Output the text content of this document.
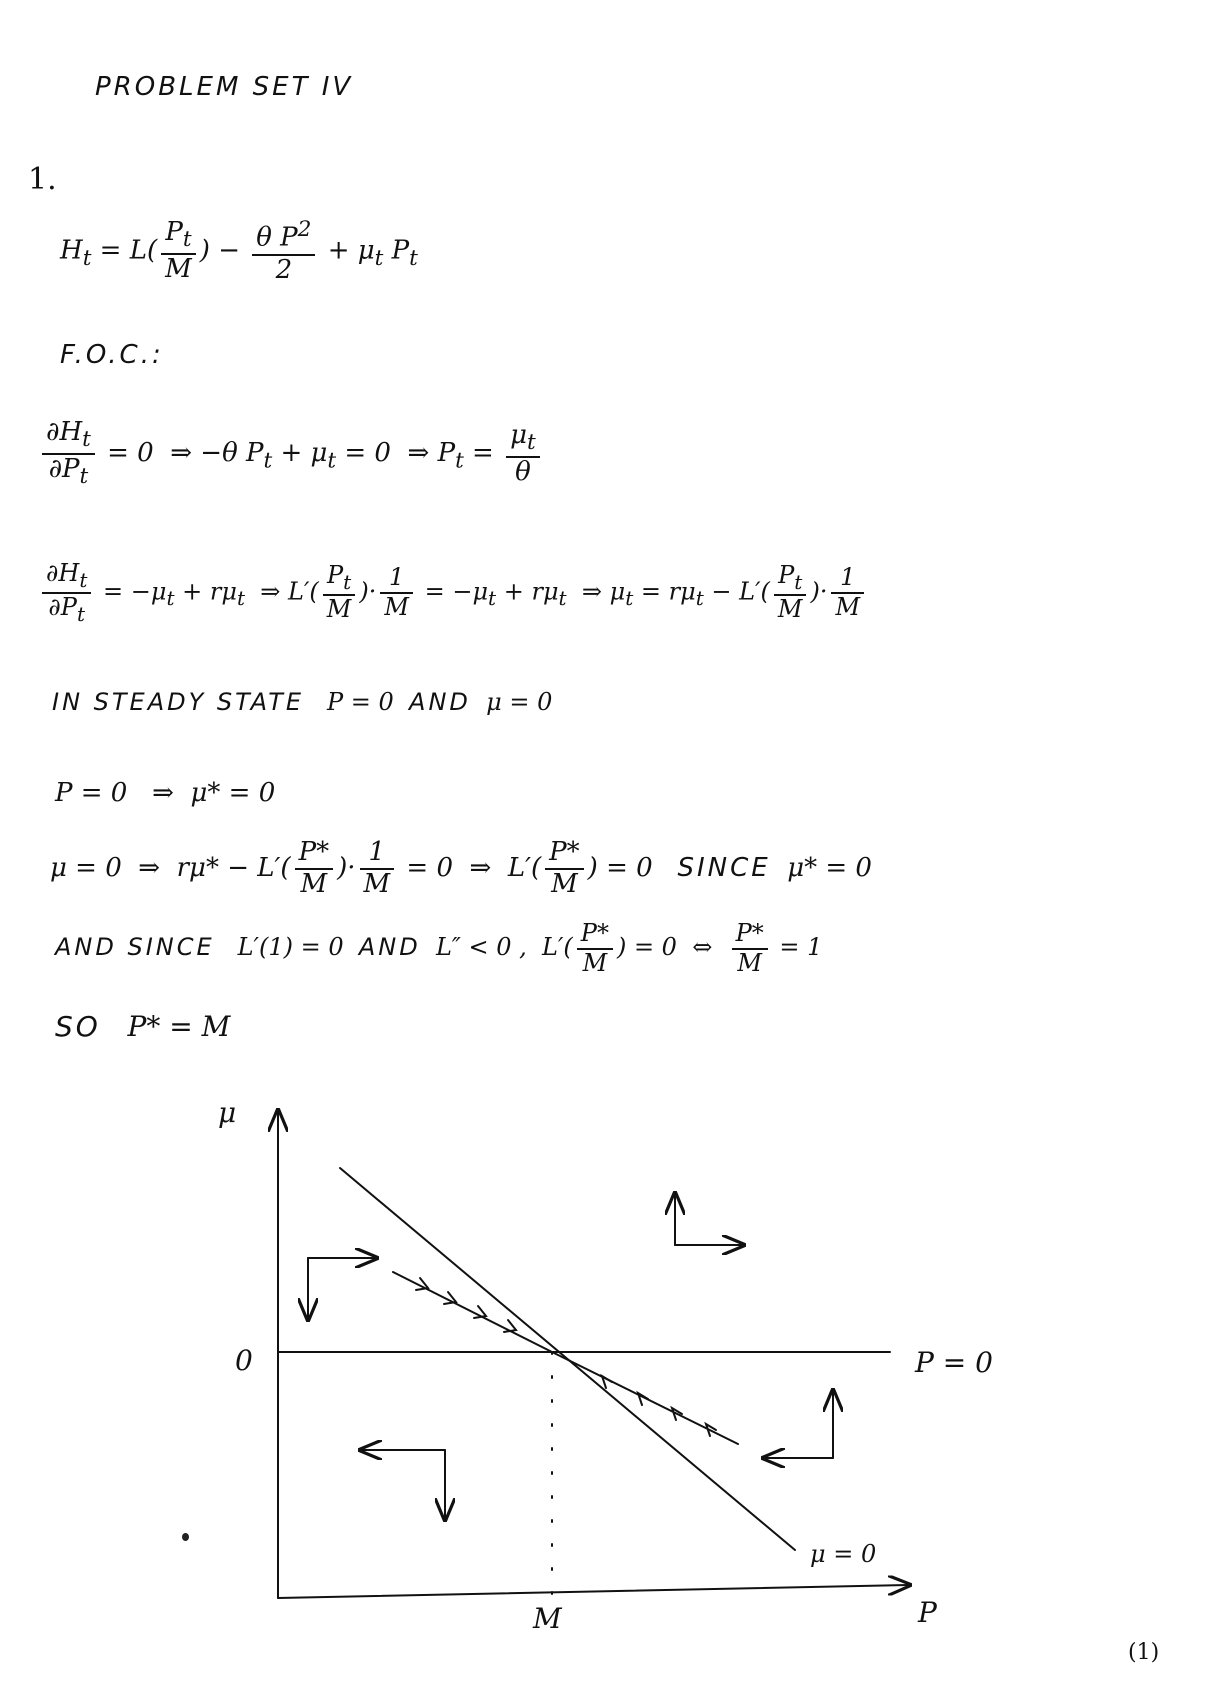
PROBLEM SET IV
1.
$H_t = L( \frac{P_t}{M}$ ) − $\frac{\theta P^2}{2} + \mu_t$ $P_t$
F.O.C.:
$\frac{\partial H_t}{\partial P_t} = 0$ ⇒ −θ $P_t + \mu_t = 0$ ⇒ $P_t = \frac{\mu_t}{\theta}$
$\frac{\partial H_t}{\partial P_t} = -\mu_t + r\mu_t$ ⇒ $L'( \frac{P_t}{M}$ )· $\frac{1}{M} = -\mu_t + r\mu_t$ ⇒ $\mu_t = r\mu_t - L'( \frac{P_t}{M}$ )· $\frac{1}{M}$
IN STEADY STATE P = 0 AND μ = 0
P = 0 ⇒ μ* = 0
μ = 0 ⇒ $r\mu* - L'( \frac{P*}{M}$ )· $\frac{1}{M} = 0$ ⇒ $L'( \frac{P*}{M}$ ) = 0 SINCE μ* = 0
AND SINCE L′(1) = 0 AND L″ < 0 , $L'( \frac{P*}{M}$ ) = 0 ⇔ $\frac{P*}{M} = 1$
SO P* = M
μ
P
0
M
P = 0
μ = 0
(1)
